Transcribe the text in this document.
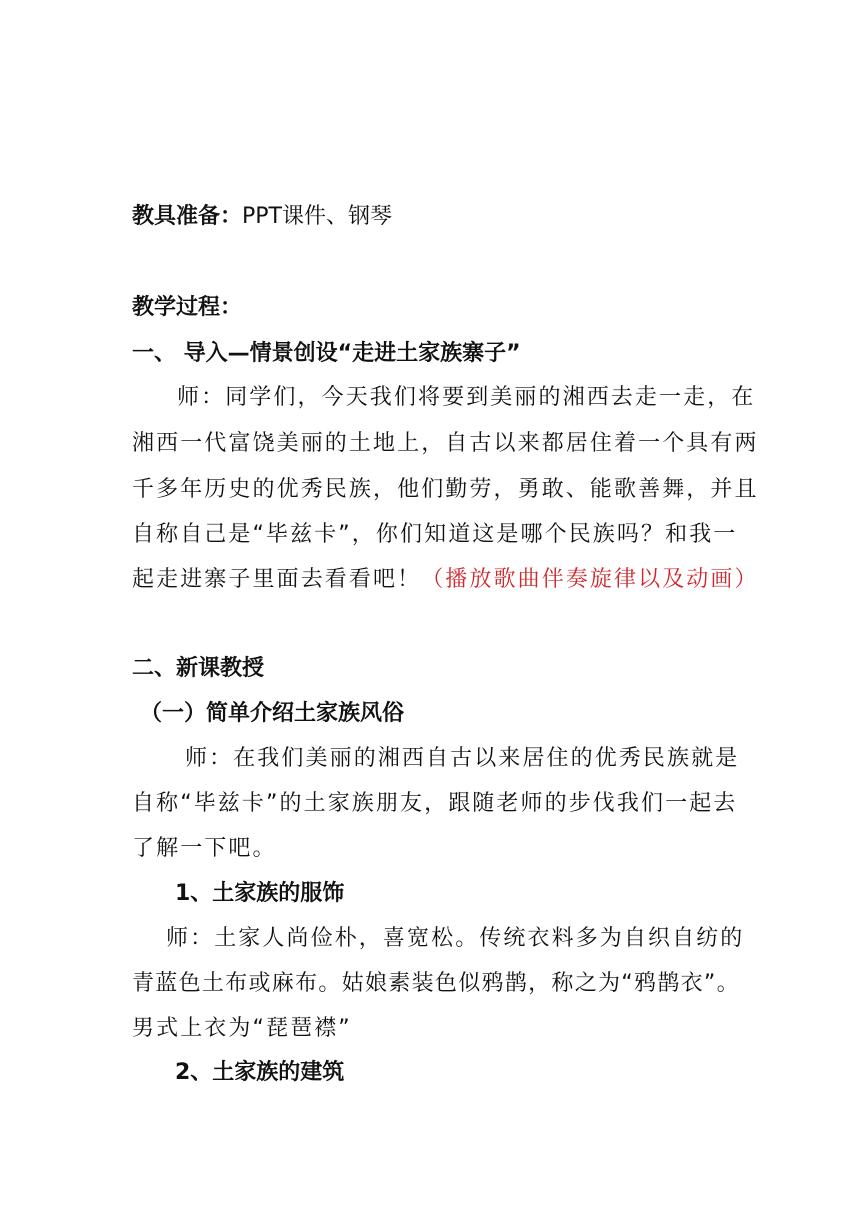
教具准备：PPT课件、钢琴
教学过程：
一、 导入—情景创设“走进土家族寨子”
师：同学们，今天我们将要到美丽的湘西去走一走，在
湘西一代富饶美丽的土地上，自古以来都居住着一个具有两
千多年历史的优秀民族，他们勤劳，勇敢、能歌善舞，并且
自称自己是“毕兹卡”，你们知道这是哪个民族吗？和我一
起走进寨子里面去看看吧！（播放歌曲伴奏旋律以及动画）
二、新课教授
（一）简单介绍土家族风俗
师：在我们美丽的湘西自古以来居住的优秀民族就是
自称“毕兹卡”的土家族朋友，跟随老师的步伐我们一起去
了解一下吧。
1、土家族的服饰
师：土家人尚俭朴，喜宽松。传统衣料多为自织自纺的
青蓝色土布或麻布。姑娘素装色似鸦鹊，称之为“鸦鹊衣”。
男式上衣为“琵琶襟”
2、土家族的建筑
